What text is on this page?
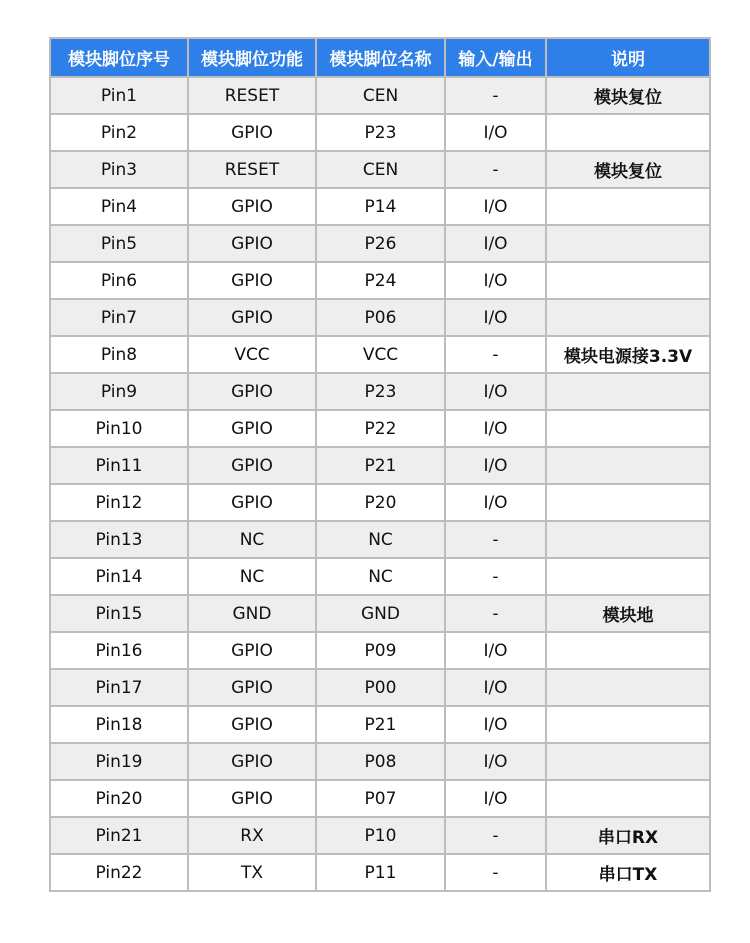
模块脚位序号	模块脚位功能	模块脚位名称	输入/输出	说明
Pin1	RESET	CEN	-	模块复位
Pin2	GPIO	P23	I/O	
Pin3	RESET	CEN	-	模块复位
Pin4	GPIO	P14	I/O	
Pin5	GPIO	P26	I/O	
Pin6	GPIO	P24	I/O	
Pin7	GPIO	P06	I/O	
Pin8	VCC	VCC	-	模块电源接3.3V
Pin9	GPIO	P23	I/O	
Pin10	GPIO	P22	I/O	
Pin11	GPIO	P21	I/O	
Pin12	GPIO	P20	I/O	
Pin13	NC	NC	-	
Pin14	NC	NC	-	
Pin15	GND	GND	-	模块地
Pin16	GPIO	P09	I/O	
Pin17	GPIO	P00	I/O	
Pin18	GPIO	P21	I/O	
Pin19	GPIO	P08	I/O	
Pin20	GPIO	P07	I/O	
Pin21	RX	P10	-	串口RX
Pin22	TX	P11	-	串口TX
